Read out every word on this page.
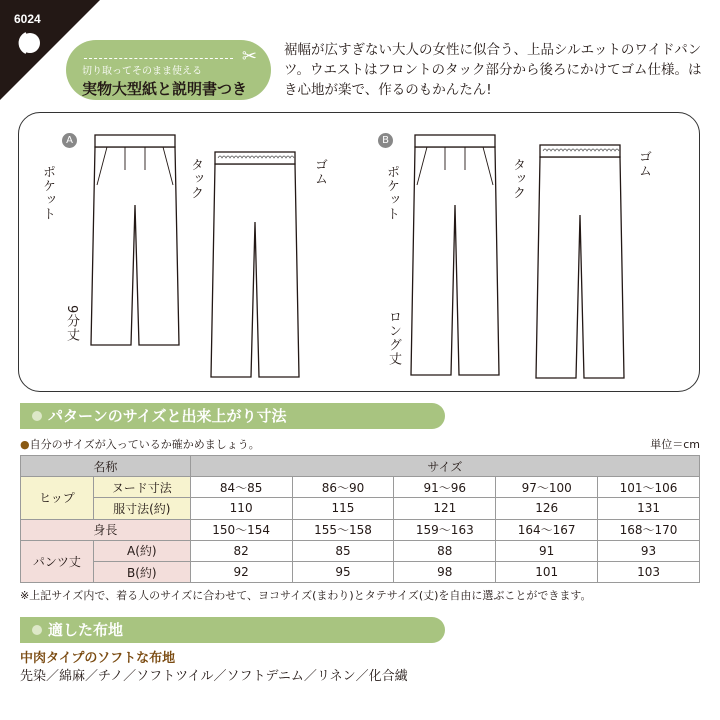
6024
✂
切り取ってそのまま使える
実物大型紙と説明書つき
裾幅が広すぎない大人の女性に似合う、上品シルエットのワイドパンツ。ウエストはフロントのタック部分から後ろにかけてゴム仕様。はき心地が楽で、作るのもかんたん!
A
ポケット	タック	ゴム
9分丈
B
ポケット	タック	ゴム
ロング丈
パターンのサイズと出来上がり寸法
●自分のサイズが入っているか確かめましょう。	単位＝cm
名称		サイズ				
ヒップ	ヌード寸法	84〜85	86〜90	91〜96	97〜100	101〜106
	服寸法(約)	110	115	121	126	131
身長		150〜154	155〜158	159〜163	164〜167	168〜170
パンツ丈	A(約)	82	85	88	91	93
	B(約)	92	95	98	101	103
※上記サイズ内で、着る人のサイズに合わせて、ヨコサイズ(まわり)とタテサイズ(丈)を自由に選ぶことができます。
適した布地
中肉タイプのソフトな布地
先染／綿麻／チノ／ソフトツイル／ソフトデニム／リネン／化合繊
